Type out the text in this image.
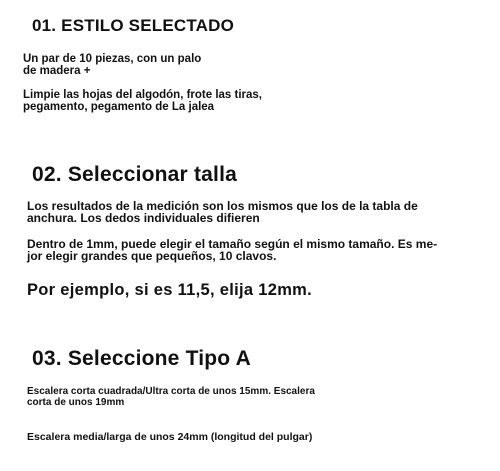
01. ESTILO SELECTADO
Un par de 10 piezas, con un palo
de madera +
Limpie las hojas del algodón, frote las tiras,
pegamento, pegamento de La jalea
02. Seleccionar talla
Los resultados de la medición son los mismos que los de la tabla de
anchura. Los dedos individuales difieren
Dentro de 1mm, puede elegir el tamaño según el mismo tamaño. Es me-
jor elegir grandes que pequeños, 10 clavos.
Por ejemplo, si es 11,5, elija 12mm.
03. Seleccione Tipo A
Escalera corta cuadrada/Ultra corta de unos 15mm. Escalera
corta de unos 19mm
Escalera media/larga de unos 24mm (longitud del pulgar)
